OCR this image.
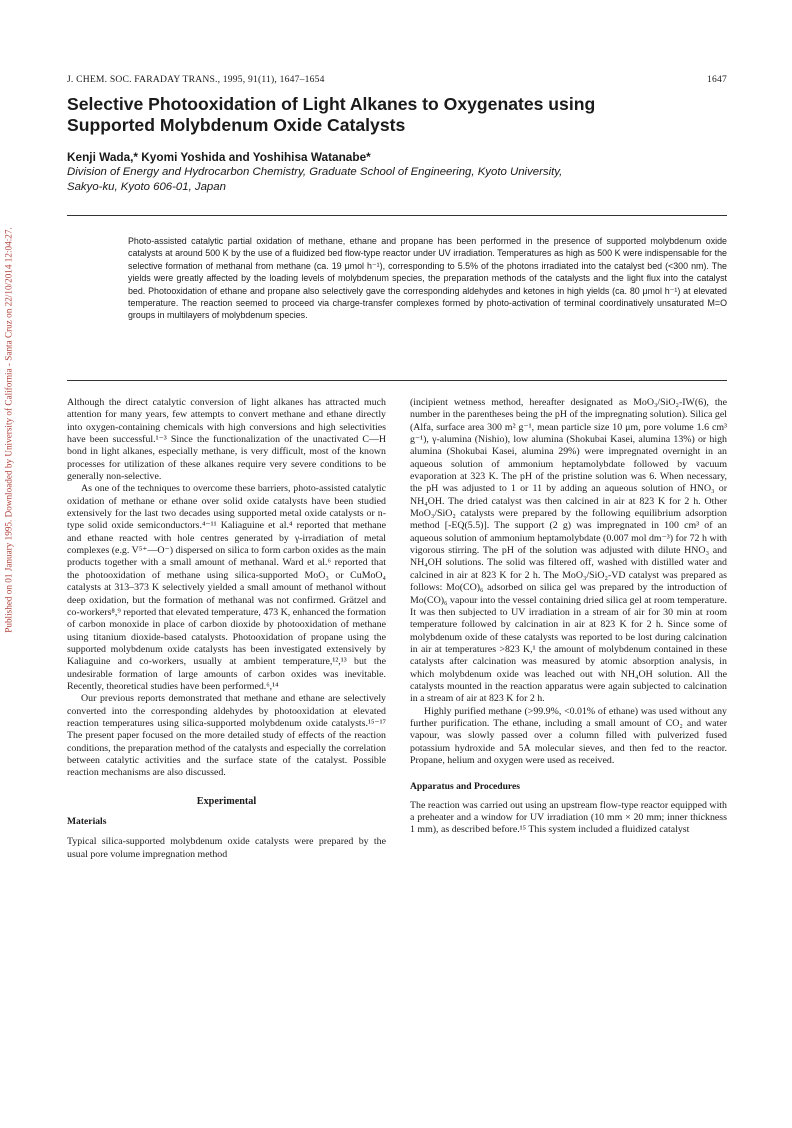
Published on 01 January 1995. Downloaded by University of California - Santa Cruz on 22/10/2014 12:04:27.
J. CHEM. SOC. FARADAY TRANS., 1995, 91(11), 1647–1654	1647
Selective Photooxidation of Light Alkanes to Oxygenates using
Supported Molybdenum Oxide Catalysts
Kenji Wada,* Kyomi Yoshida and Yoshihisa Watanabe*
Division of Energy and Hydrocarbon Chemistry, Graduate School of Engineering, Kyoto University,
Sakyo-ku, Kyoto 606-01, Japan
Photo-assisted catalytic partial oxidation of methane, ethane and propane has been performed in the presence of supported molybdenum oxide catalysts at around 500 K by the use of a fluidized bed flow-type reactor under UV irradiation. Temperatures as high as 500 K were indispensable for the selective formation of methanal from methane (ca. 19 μmol h⁻¹), corresponding to 5.5% of the photons irradiated into the catalyst bed (<300 nm). The yields were greatly affected by the loading levels of molybdenum species, the preparation methods of the catalysts and the light flux into the catalyst bed. Photooxidation of ethane and propane also selectively gave the corresponding aldehydes and ketones in high yields (ca. 80 μmol h⁻¹) at elevated temperature. The reaction seemed to proceed via charge-transfer complexes formed by photo-activation of terminal coordinatively unsaturated M=O groups in multilayers of molybdenum species.

Although the direct catalytic conversion of light alkanes has attracted much attention for many years, few attempts to convert methane and ethane directly into oxygen-containing chemicals with high conversions and high selectivities have been successful.¹⁻³ Since the functionalization of the unactivated C—H bond in light alkanes, especially methane, is very difficult, most of the known processes for utilization of these alkanes require very severe conditions to be generally non-selective.

As one of the techniques to overcome these barriers, photo-assisted catalytic oxidation of methane or ethane over solid oxide catalysts have been studied extensively for the last two decades using supported metal oxide catalysts or n-type solid oxide semiconductors.⁴⁻¹¹ Kaliaguine et al.⁴ reported that methane and ethane reacted with hole centres generated by γ-irradiation of metal complexes (e.g. V⁵⁺—O⁻) dispersed on silica to form carbon oxides as the main products together with a small amount of methanal. Ward et al.⁶ reported that the photooxidation of methane using silica-supported MoO₃ or CuMoO₄ catalysts at 313–373 K selectively yielded a small amount of methanol without deep oxidation, but the formation of methanal was not confirmed. Grätzel and co-workers⁸,⁹ reported that elevated temperature, 473 K, enhanced the formation of carbon monoxide in place of carbon dioxide by photooxidation of methane using titanium dioxide-based catalysts. Photooxidation of propane using the supported molybdenum oxide catalysts has been investigated extensively by Kaliaguine and co-workers, usually at ambient temperature,¹²,¹³ but the undesirable formation of large amounts of carbon oxides was inevitable. Recently, theoretical studies have been performed.⁶,¹⁴

Our previous reports demonstrated that methane and ethane are selectively converted into the corresponding aldehydes by photooxidation at elevated reaction temperatures using silica-supported molybdenum oxide catalysts.¹⁵⁻¹⁷ The present paper focused on the more detailed study of effects of the reaction conditions, the preparation method of the catalysts and especially the correlation between catalytic activities and the surface state of the catalyst. Possible reaction mechanisms are also discussed.

Experimental

Materials

Typical silica-supported molybdenum oxide catalysts were prepared by the usual pore volume impregnation method

(incipient wetness method, hereafter designated as MoO₃/SiO₂-IW(6), the number in the parentheses being the pH of the impregnating solution). Silica gel (Alfa, surface area 300 m² g⁻¹, mean particle size 10 μm, pore volume 1.6 cm³ g⁻¹), γ-alumina (Nishio), low alumina (Shokubai Kasei, alumina 13%) or high alumina (Shokubai Kasei, alumina 29%) were impregnated overnight in an aqueous solution of ammonium heptamolybdate followed by vacuum evaporation at 323 K. The pH of the pristine solution was 6. When necessary, the pH was adjusted to 1 or 11 by adding an aqueous solution of HNO₃ or NH₄OH. The dried catalyst was then calcined in air at 823 K for 2 h. Other MoO₃/SiO₂ catalysts were prepared by the following equilibrium adsorption method [-EQ(5.5)]. The support (2 g) was impregnated in 100 cm³ of an aqueous solution of ammonium heptamolybdate (0.007 mol dm⁻³) for 72 h with vigorous stirring. The pH of the solution was adjusted with dilute HNO₃ and NH₄OH solutions. The solid was filtered off, washed with distilled water and calcined in air at 823 K for 2 h. The MoO₃/SiO₂-VD catalyst was prepared as follows: Mo(CO)₆ adsorbed on silica gel was prepared by the introduction of Mo(CO)₆ vapour into the vessel containing dried silica gel at room temperature. It was then subjected to UV irradiation in a stream of air for 30 min at room temperature followed by calcination in air at 823 K for 2 h. Since some of molybdenum oxide of these catalysts was reported to be lost during calcination in air at temperatures >823 K,¹ the amount of molybdenum contained in these catalysts after calcination was measured by atomic absorption analysis, in which molybdenum oxide was leached out with NH₄OH solution. All the catalysts mounted in the reaction apparatus were again subjected to calcination in a stream of air at 823 K for 2 h.

Highly purified methane (>99.9%, <0.01% of ethane) was used without any further purification. The ethane, including a small amount of CO₂ and water vapour, was slowly passed over a column filled with pulverized fused potassium hydroxide and 5A molecular sieves, and then fed to the reactor. Propane, helium and oxygen were used as received.

Apparatus and Procedures

The reaction was carried out using an upstream flow-type reactor equipped with a preheater and a window for UV irradiation (10 mm × 20 mm; inner thickness 1 mm), as described before.¹⁵ This system included a fluidized catalyst
